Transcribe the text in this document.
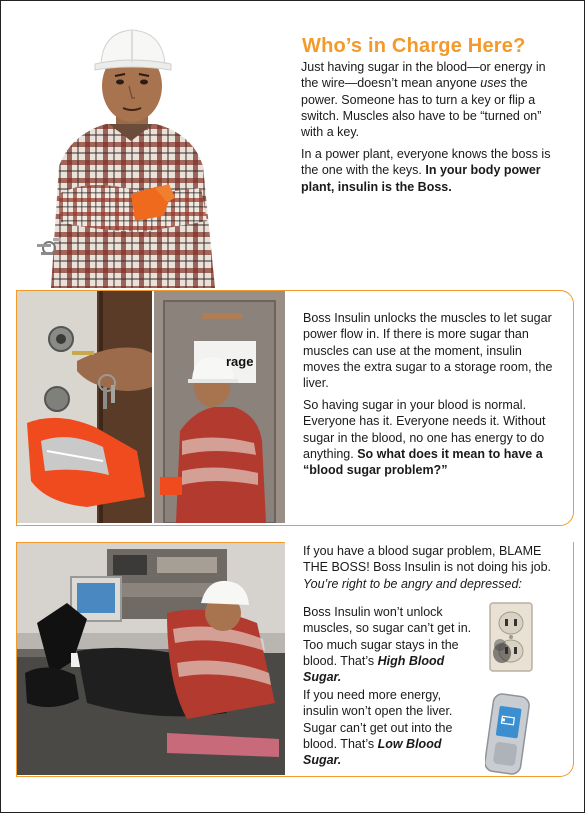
Who’s in Charge Here?

Just having sugar in the blood—or energy in the wire—doesn’t mean anyone uses the power. Someone has to turn a key or flip a switch. Muscles also have to be “turned on” with a key.

In a power plant, everyone knows the boss is the one with the keys. In your body power plant, insulin is the Boss.

rage

Boss Insulin unlocks the muscles to let sugar power flow in. If there is more sugar than muscles can use at the moment, insulin moves the extra sugar to a storage room, the liver.

So having sugar in your blood is normal. Everyone has it. Everyone needs it. Without sugar in the blood, no one has energy to do anything. So what does it mean to have a “blood sugar problem?”

If you have a blood sugar problem, BLAME THE BOSS! Boss Insulin is not doing his job. You’re right to be angry and depressed:

Boss Insulin won’t unlock muscles, so sugar can’t get in. Too much sugar stays in the blood. That’s High Blood Sugar.

If you need more energy, insulin won’t open the liver. Sugar can’t get out into the blood. That’s Low Blood Sugar.
